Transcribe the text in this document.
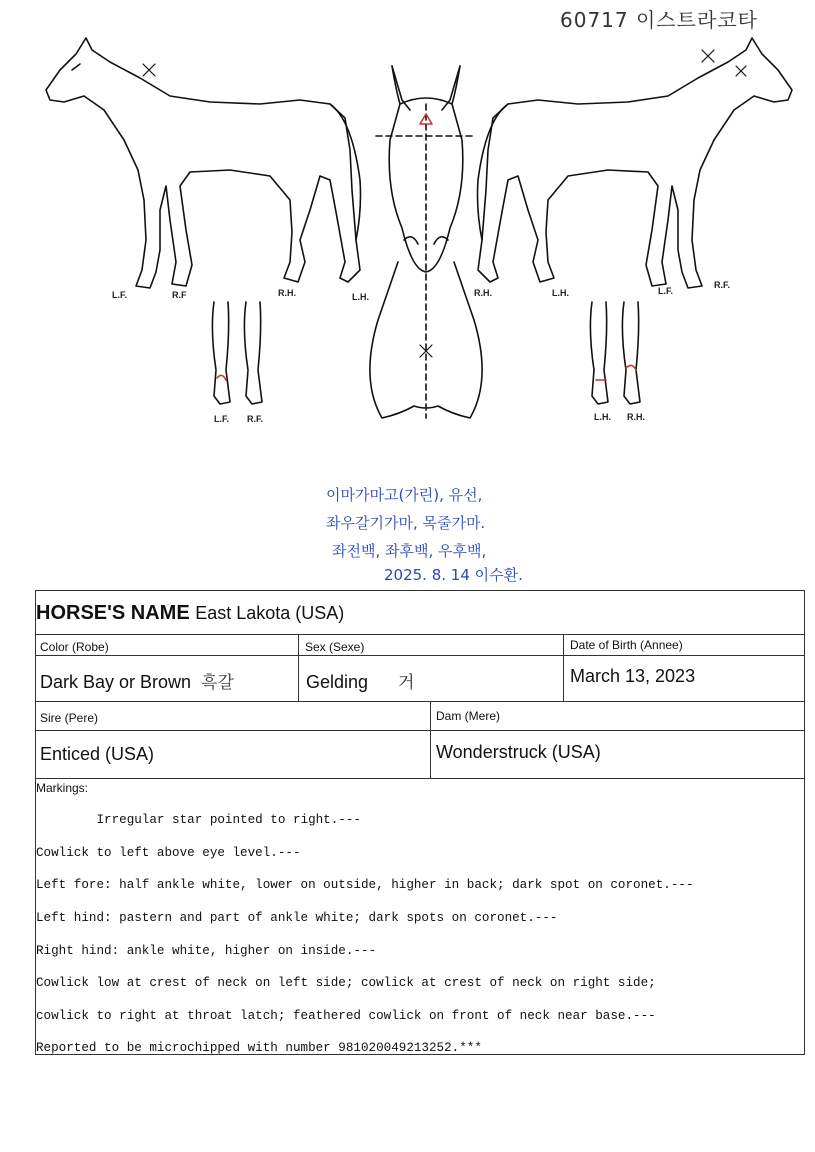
60717 이스트라코타
L.F.	R.F	R.H.	L.H.	R.H.	L.H.	L.F.
R.F.
L.F. R.F.	L.H. R.H.
이마가마고(가린), 유선,
좌우갈기가마, 목줄가마.
좌전백, 좌후백, 우후백,
2025. 8. 14 이수환.
HORSE'S NAME East Lakota (USA)
Color (Robe)	Sex (Sexe)	Date of Birth (Annee)
Dark Bay or Brown 흑갈	Gelding 거	March 13, 2023
Sire (Pere)	Dam (Mere)
Enticed (USA)	Wonderstruck (USA)
Markings:

Irregular star pointed to right.---

Cowlick to left above eye level.---

Left fore: half ankle white, lower on outside, higher in back; dark spot on coronet.---

Left hind: pastern and part of ankle white; dark spots on coronet.---

Right hind: ankle white, higher on inside.---

Cowlick low at crest of neck on left side; cowlick at crest of neck on right side;

cowlick to right at throat latch; feathered cowlick on front of neck near base.---

Reported to be microchipped with number 981020049213252.***
